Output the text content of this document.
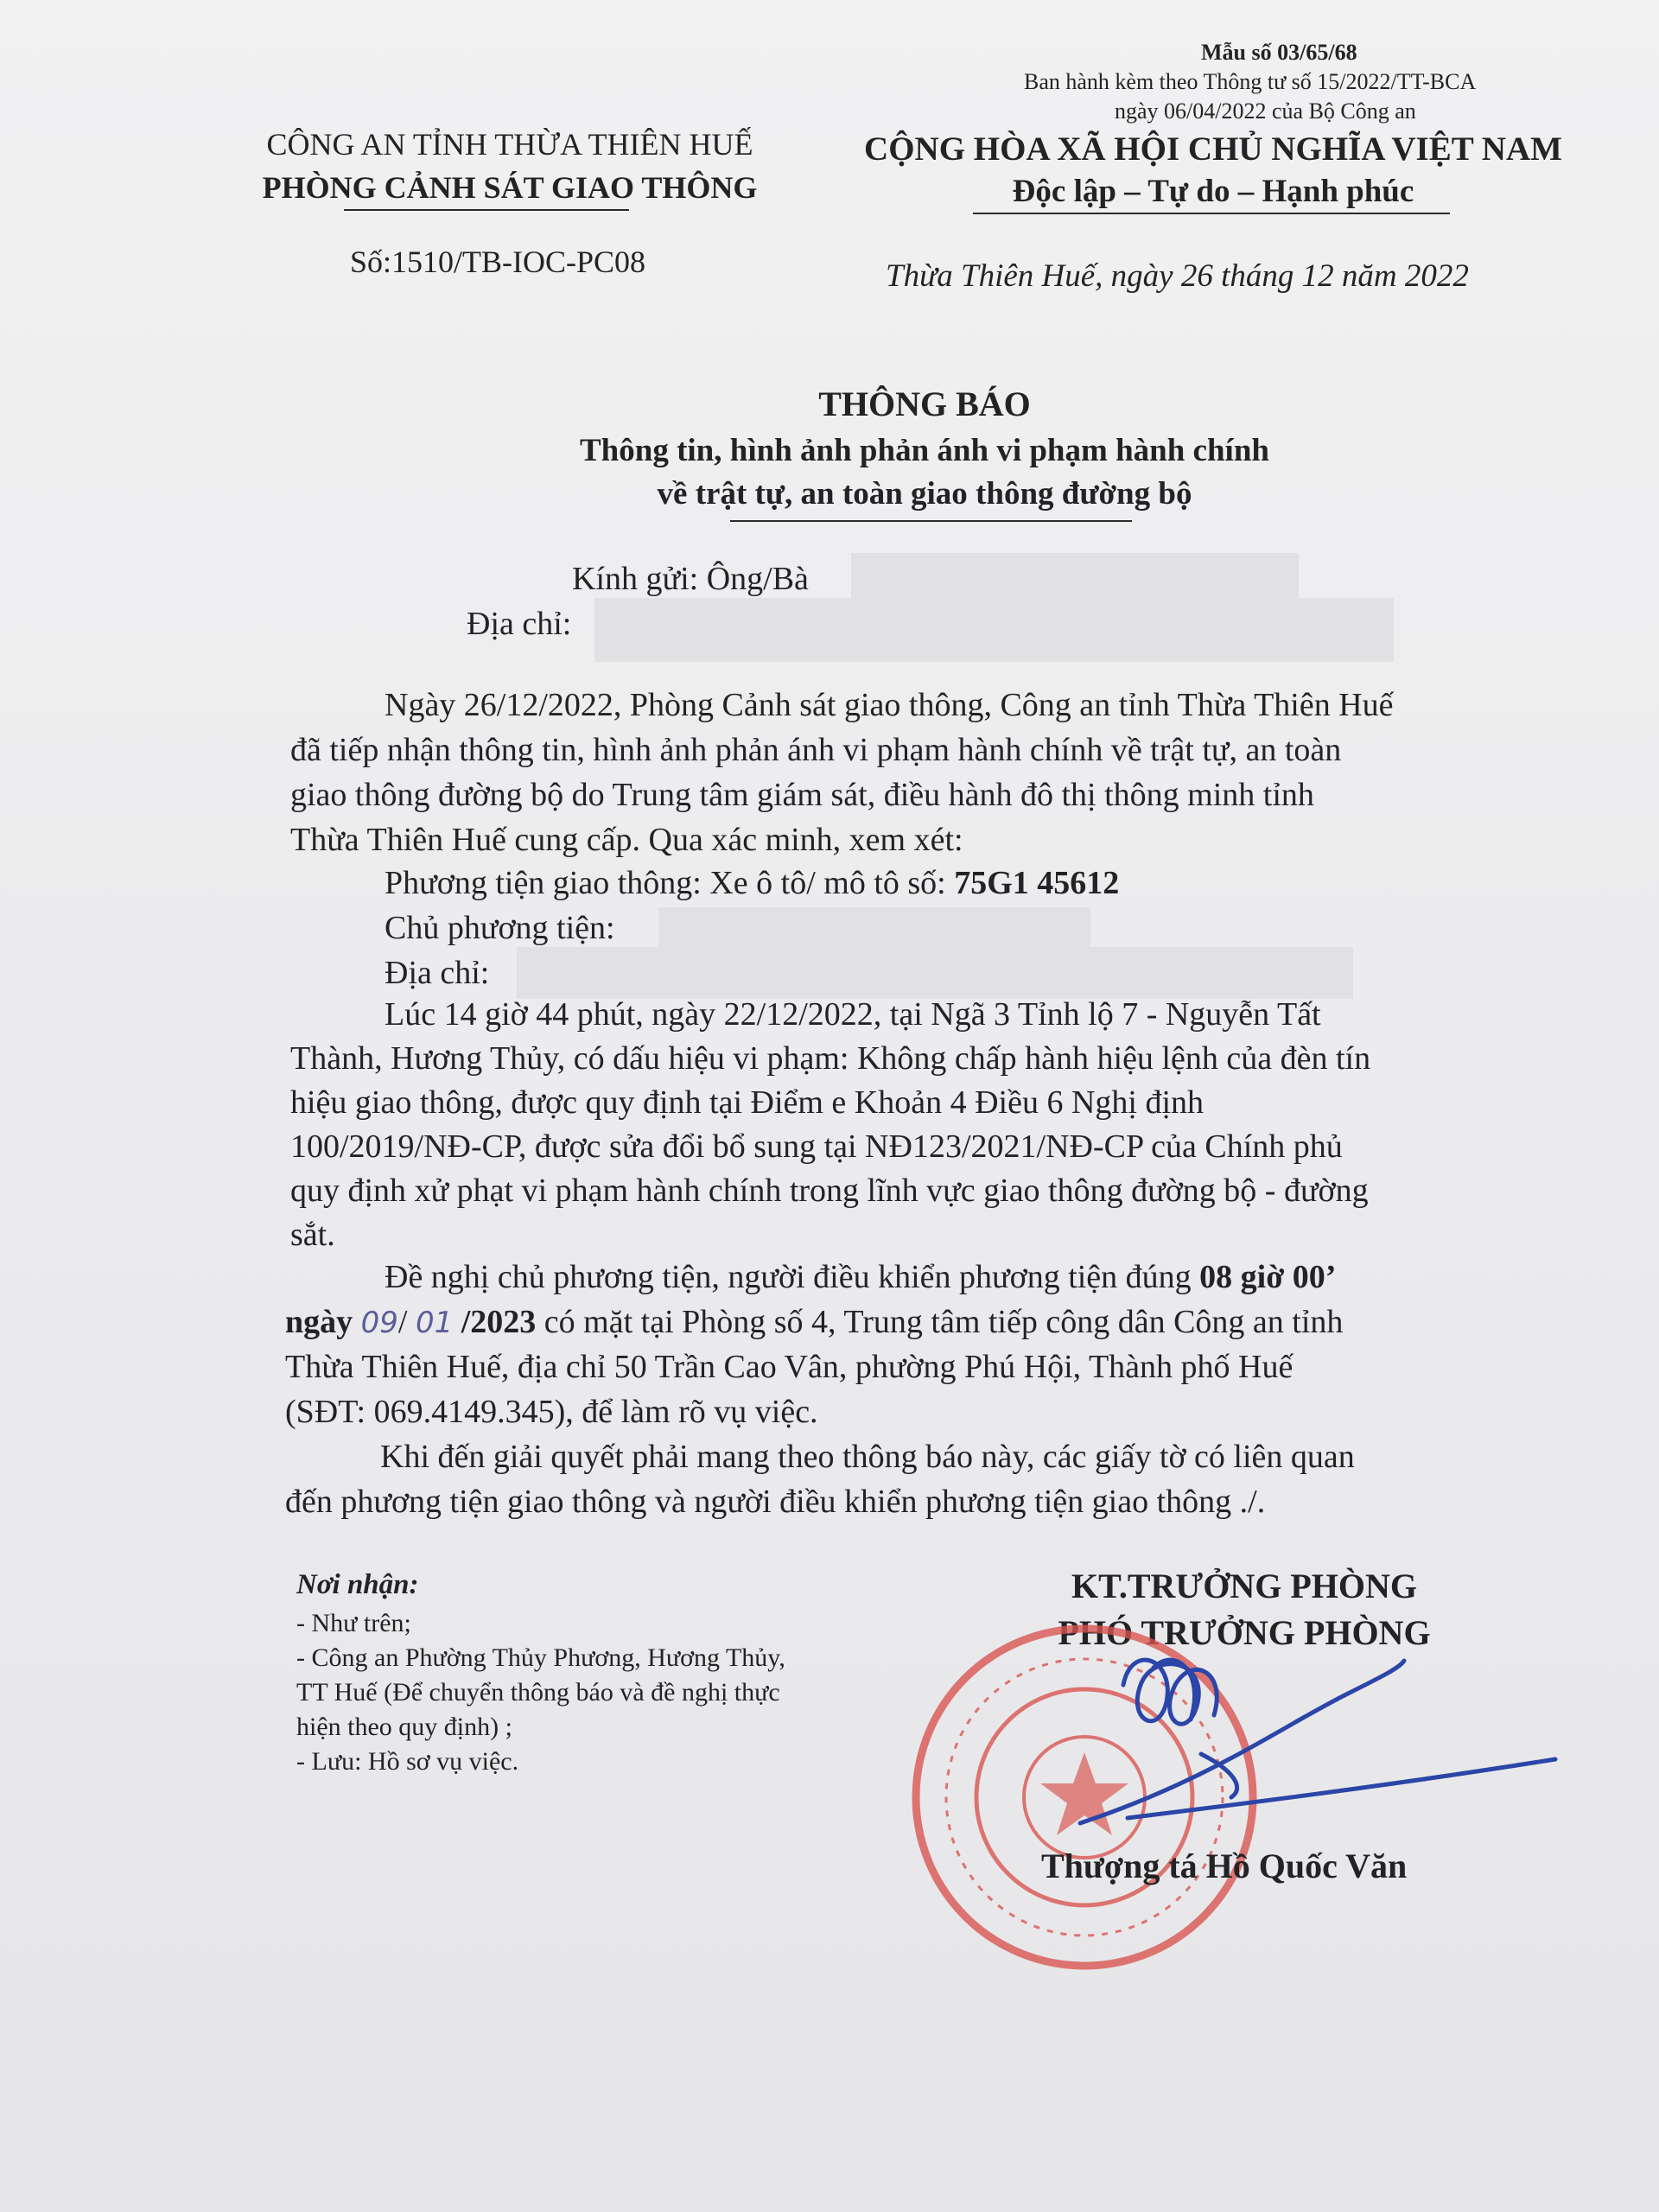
Mẫu số 03/65/68
Ban hành kèm theo Thông tư số 15/2022/TT-BCA
ngày 06/04/2022 của Bộ Công an
CÔNG AN TỈNH THỪA THIÊN HUẾ
PHÒNG CẢNH SÁT GIAO THÔNG
Số:1510/TB-IOC-PC08
CỘNG HÒA XÃ HỘI CHỦ NGHĨA VIỆT NAM
Độc lập – Tự do – Hạnh phúc
Thừa Thiên Huế, ngày 26 tháng 12 năm 2022
THÔNG BÁO
Thông tin, hình ảnh phản ánh vi phạm hành chính
về trật tự, an toàn giao thông đường bộ
Kính gửi: Ông/Bà
Địa chỉ:
Ngày 26/12/2022, Phòng Cảnh sát giao thông, Công an tỉnh Thừa Thiên Huế
đã tiếp nhận thông tin, hình ảnh phản ánh vi phạm hành chính về trật tự, an toàn
giao thông đường bộ do Trung tâm giám sát, điều hành đô thị thông minh tỉnh
Thừa Thiên Huế cung cấp. Qua xác minh, xem xét:
Phương tiện giao thông: Xe ô tô/ mô tô số: 75G1 45612
Chủ phương tiện:
Địa chỉ:
Lúc 14 giờ 44 phút, ngày 22/12/2022, tại Ngã 3 Tỉnh lộ 7 - Nguyễn Tất
Thành, Hương Thủy, có dấu hiệu vi phạm: Không chấp hành hiệu lệnh của đèn tín
hiệu giao thông, được quy định tại Điểm e Khoản 4 Điều 6 Nghị định
100/2019/NĐ-CP, được sửa đổi bổ sung tại NĐ123/2021/NĐ-CP của Chính phủ
quy định xử phạt vi phạm hành chính trong lĩnh vực giao thông đường bộ - đường
sắt.
Đề nghị chủ phương tiện, người điều khiển phương tiện đúng 08 giờ 00’
ngày 09/ 01 /2023 có mặt tại Phòng số 4, Trung tâm tiếp công dân Công an tỉnh
Thừa Thiên Huế, địa chỉ 50 Trần Cao Vân, phường Phú Hội, Thành phố Huế
(SĐT: 069.4149.345), để làm rõ vụ việc.
Khi đến giải quyết phải mang theo thông báo này, các giấy tờ có liên quan
đến phương tiện giao thông và người điều khiển phương tiện giao thông ./.
Nơi nhận:
- Như trên;
- Công an Phường Thủy Phương, Hương Thủy,
TT Huế (Để chuyển thông báo và đề nghị thực
hiện theo quy định) ;
- Lưu: Hồ sơ vụ việc.
KT.TRƯỞNG PHÒNG
PHÓ TRƯỞNG PHÒNG
Thượng tá Hồ Quốc Văn
